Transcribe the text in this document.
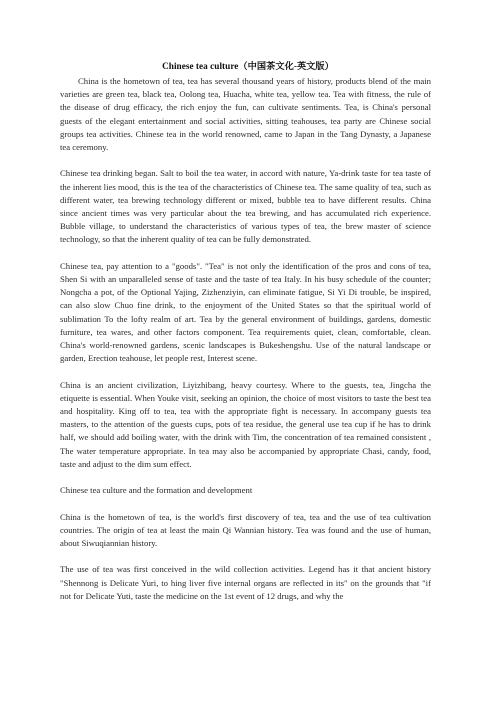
Chinese tea culture（中国茶文化-英文版）

China is the hometown of tea, tea has several thousand years of history, products blend of the main varieties are green tea, black tea, Oolong tea, Huacha, white tea, yellow tea. Tea with fitness, the rule of the disease of drug efficacy, the rich enjoy the fun, can cultivate sentiments. Tea, is China's personal guests of the elegant entertainment and social activities, sitting teahouses, tea party are Chinese social groups tea activities. Chinese tea in the world renowned, came to Japan in the Tang Dynasty, a Japanese tea ceremony.

Chinese tea drinking began. Salt to boil the tea water, in accord with nature, Ya-drink taste for tea taste of the inherent lies mood, this is the tea of the characteristics of Chinese tea. The same quality of tea, such as different water, tea brewing technology different or mixed, bubble tea to have different results. China since ancient times was very particular about the tea brewing, and has accumulated rich experience. Bubble village, to understand the characteristics of various types of tea, the brew master of science technology, so that the inherent quality of tea can be fully demonstrated.

Chinese tea, pay attention to a "goods". "Tea" is not only the identification of the pros and cons of tea, Shen Si with an unparalleled sense of taste and the taste of tea Italy. In his busy schedule of the counter; Nongcha a pot, of the Optional Yajing, Zizhenziyin, can eliminate fatigue, Si Yi Di trouble, be inspired, can also slow Chuo fine drink, to the enjoyment of the United States so that the spiritual world of sublimation To the lofty realm of art. Tea by the general environment of buildings, gardens, domestic furniture, tea wares, and other factors component. Tea requirements quiet, clean, comfortable, clean. China's world-renowned gardens, scenic landscapes is Bukeshengshu. Use of the natural landscape or garden, Erection teahouse, let people rest, Interest scene.

China is an ancient civilization, Liyizhibang, heavy courtesy. Where to the guests, tea, Jingcha the etiquette is essential. When Youke visit, seeking an opinion, the choice of most visitors to taste the best tea and hospitality. King off to tea, tea with the appropriate fight is necessary. In accompany guests tea masters, to the attention of the guests cups, pots of tea residue, the general use tea cup if he has to drink half, we should add boiling water, with the drink with Tim, the concentration of tea remained consistent , The water temperature appropriate. In tea may also be accompanied by appropriate Chasi, candy, food, taste and adjust to the dim sum effect.

Chinese tea culture and the formation and development

China is the hometown of tea, is the world's first discovery of tea, tea and the use of tea cultivation countries. The origin of tea at least the main Qi Wannian history. Tea was found and the use of human, about Siwuqiannian history.

The use of tea was first conceived in the wild collection activities. Legend has it that ancient history "Shennong is Delicate Yuri, to hing liver five internal organs are reflected in its" on the grounds that "if not for Delicate Yuti, taste the medicine on the 1st event of 12 drugs, and why the
